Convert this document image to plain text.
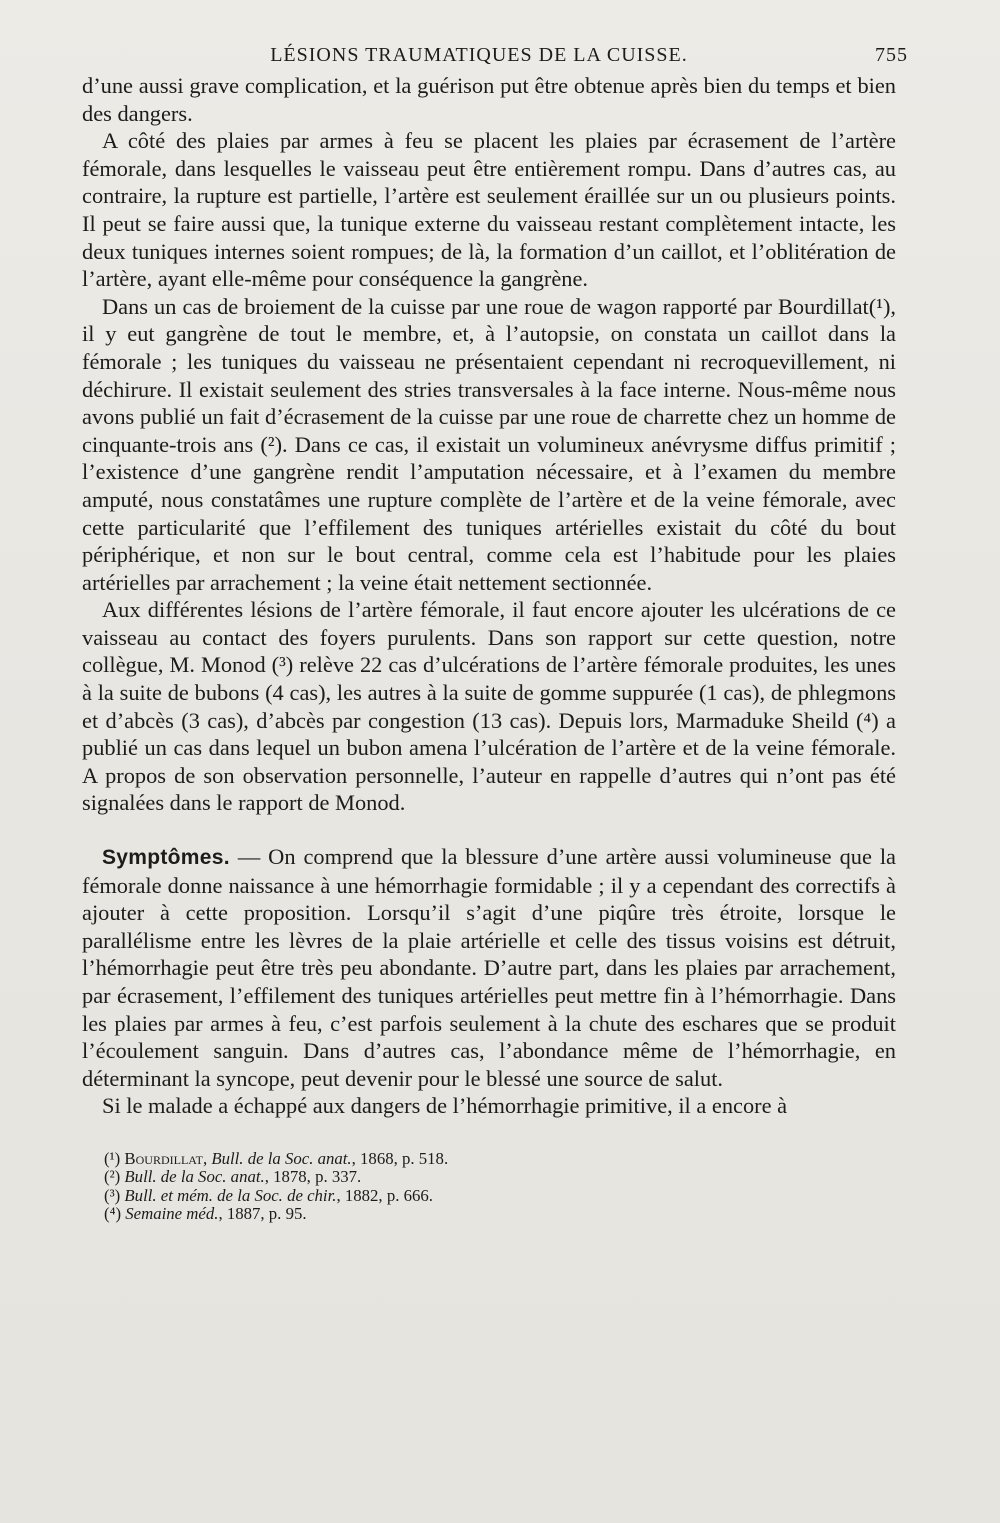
LÉSIONS TRAUMATIQUES DE LA CUISSE.	755

d’une aussi grave complication, et la guérison put être obtenue après bien du temps et bien des dangers.

A côté des plaies par armes à feu se placent les plaies par écrasement de l’artère fémorale, dans lesquelles le vaisseau peut être entièrement rompu. Dans d’autres cas, au contraire, la rupture est partielle, l’artère est seulement éraillée sur un ou plusieurs points. Il peut se faire aussi que, la tunique externe du vaisseau restant complètement intacte, les deux tuniques internes soient rompues; de là, la formation d’un caillot, et l’oblitération de l’artère, ayant elle-même pour conséquence la gangrène.

Dans un cas de broiement de la cuisse par une roue de wagon rapporté par Bourdillat(¹), il y eut gangrène de tout le membre, et, à l’autopsie, on constata un caillot dans la fémorale ; les tuniques du vaisseau ne présentaient cependant ni recroquevillement, ni déchirure. Il existait seulement des stries transversales à la face interne. Nous-même nous avons publié un fait d’écrasement de la cuisse par une roue de charrette chez un homme de cinquante-trois ans (²). Dans ce cas, il existait un volumineux anévrysme diffus primitif ; l’existence d’une gangrène rendit l’amputation nécessaire, et à l’examen du membre amputé, nous constatâmes une rupture complète de l’artère et de la veine fémorale, avec cette particularité que l’effilement des tuniques artérielles existait du côté du bout périphérique, et non sur le bout central, comme cela est l’habitude pour les plaies artérielles par arrachement ; la veine était nettement sectionnée.

Aux différentes lésions de l’artère fémorale, il faut encore ajouter les ulcérations de ce vaisseau au contact des foyers purulents. Dans son rapport sur cette question, notre collègue, M. Monod (³) relève 22 cas d’ulcérations de l’artère fémorale produites, les unes à la suite de bubons (4 cas), les autres à la suite de gomme suppurée (1 cas), de phlegmons et d’abcès (3 cas), d’abcès par congestion (13 cas). Depuis lors, Marmaduke Sheild (⁴) a publié un cas dans lequel un bubon amena l’ulcération de l’artère et de la veine fémorale. A propos de son observation personnelle, l’auteur en rappelle d’autres qui n’ont pas été signalées dans le rapport de Monod.

Symptômes. — On comprend que la blessure d’une artère aussi volumineuse que la fémorale donne naissance à une hémorrhagie formidable ; il y a cependant des correctifs à ajouter à cette proposition. Lorsqu’il s’agit d’une piqûre très étroite, lorsque le parallélisme entre les lèvres de la plaie artérielle et celle des tissus voisins est détruit, l’hémorrhagie peut être très peu abondante. D’autre part, dans les plaies par arrachement, par écrasement, l’effilement des tuniques artérielles peut mettre fin à l’hémorrhagie. Dans les plaies par armes à feu, c’est parfois seulement à la chute des eschares que se produit l’écoulement sanguin. Dans d’autres cas, l’abondance même de l’hémorrhagie, en déterminant la syncope, peut devenir pour le blessé une source de salut.

Si le malade a échappé aux dangers de l’hémorrhagie primitive, il a encore à

(¹) Bourdillat, Bull. de la Soc. anat., 1868, p. 518.

(²) Bull. de la Soc. anat., 1878, p. 337.

(³) Bull. et mém. de la Soc. de chir., 1882, p. 666.

(⁴) Semaine méd., 1887, p. 95.
